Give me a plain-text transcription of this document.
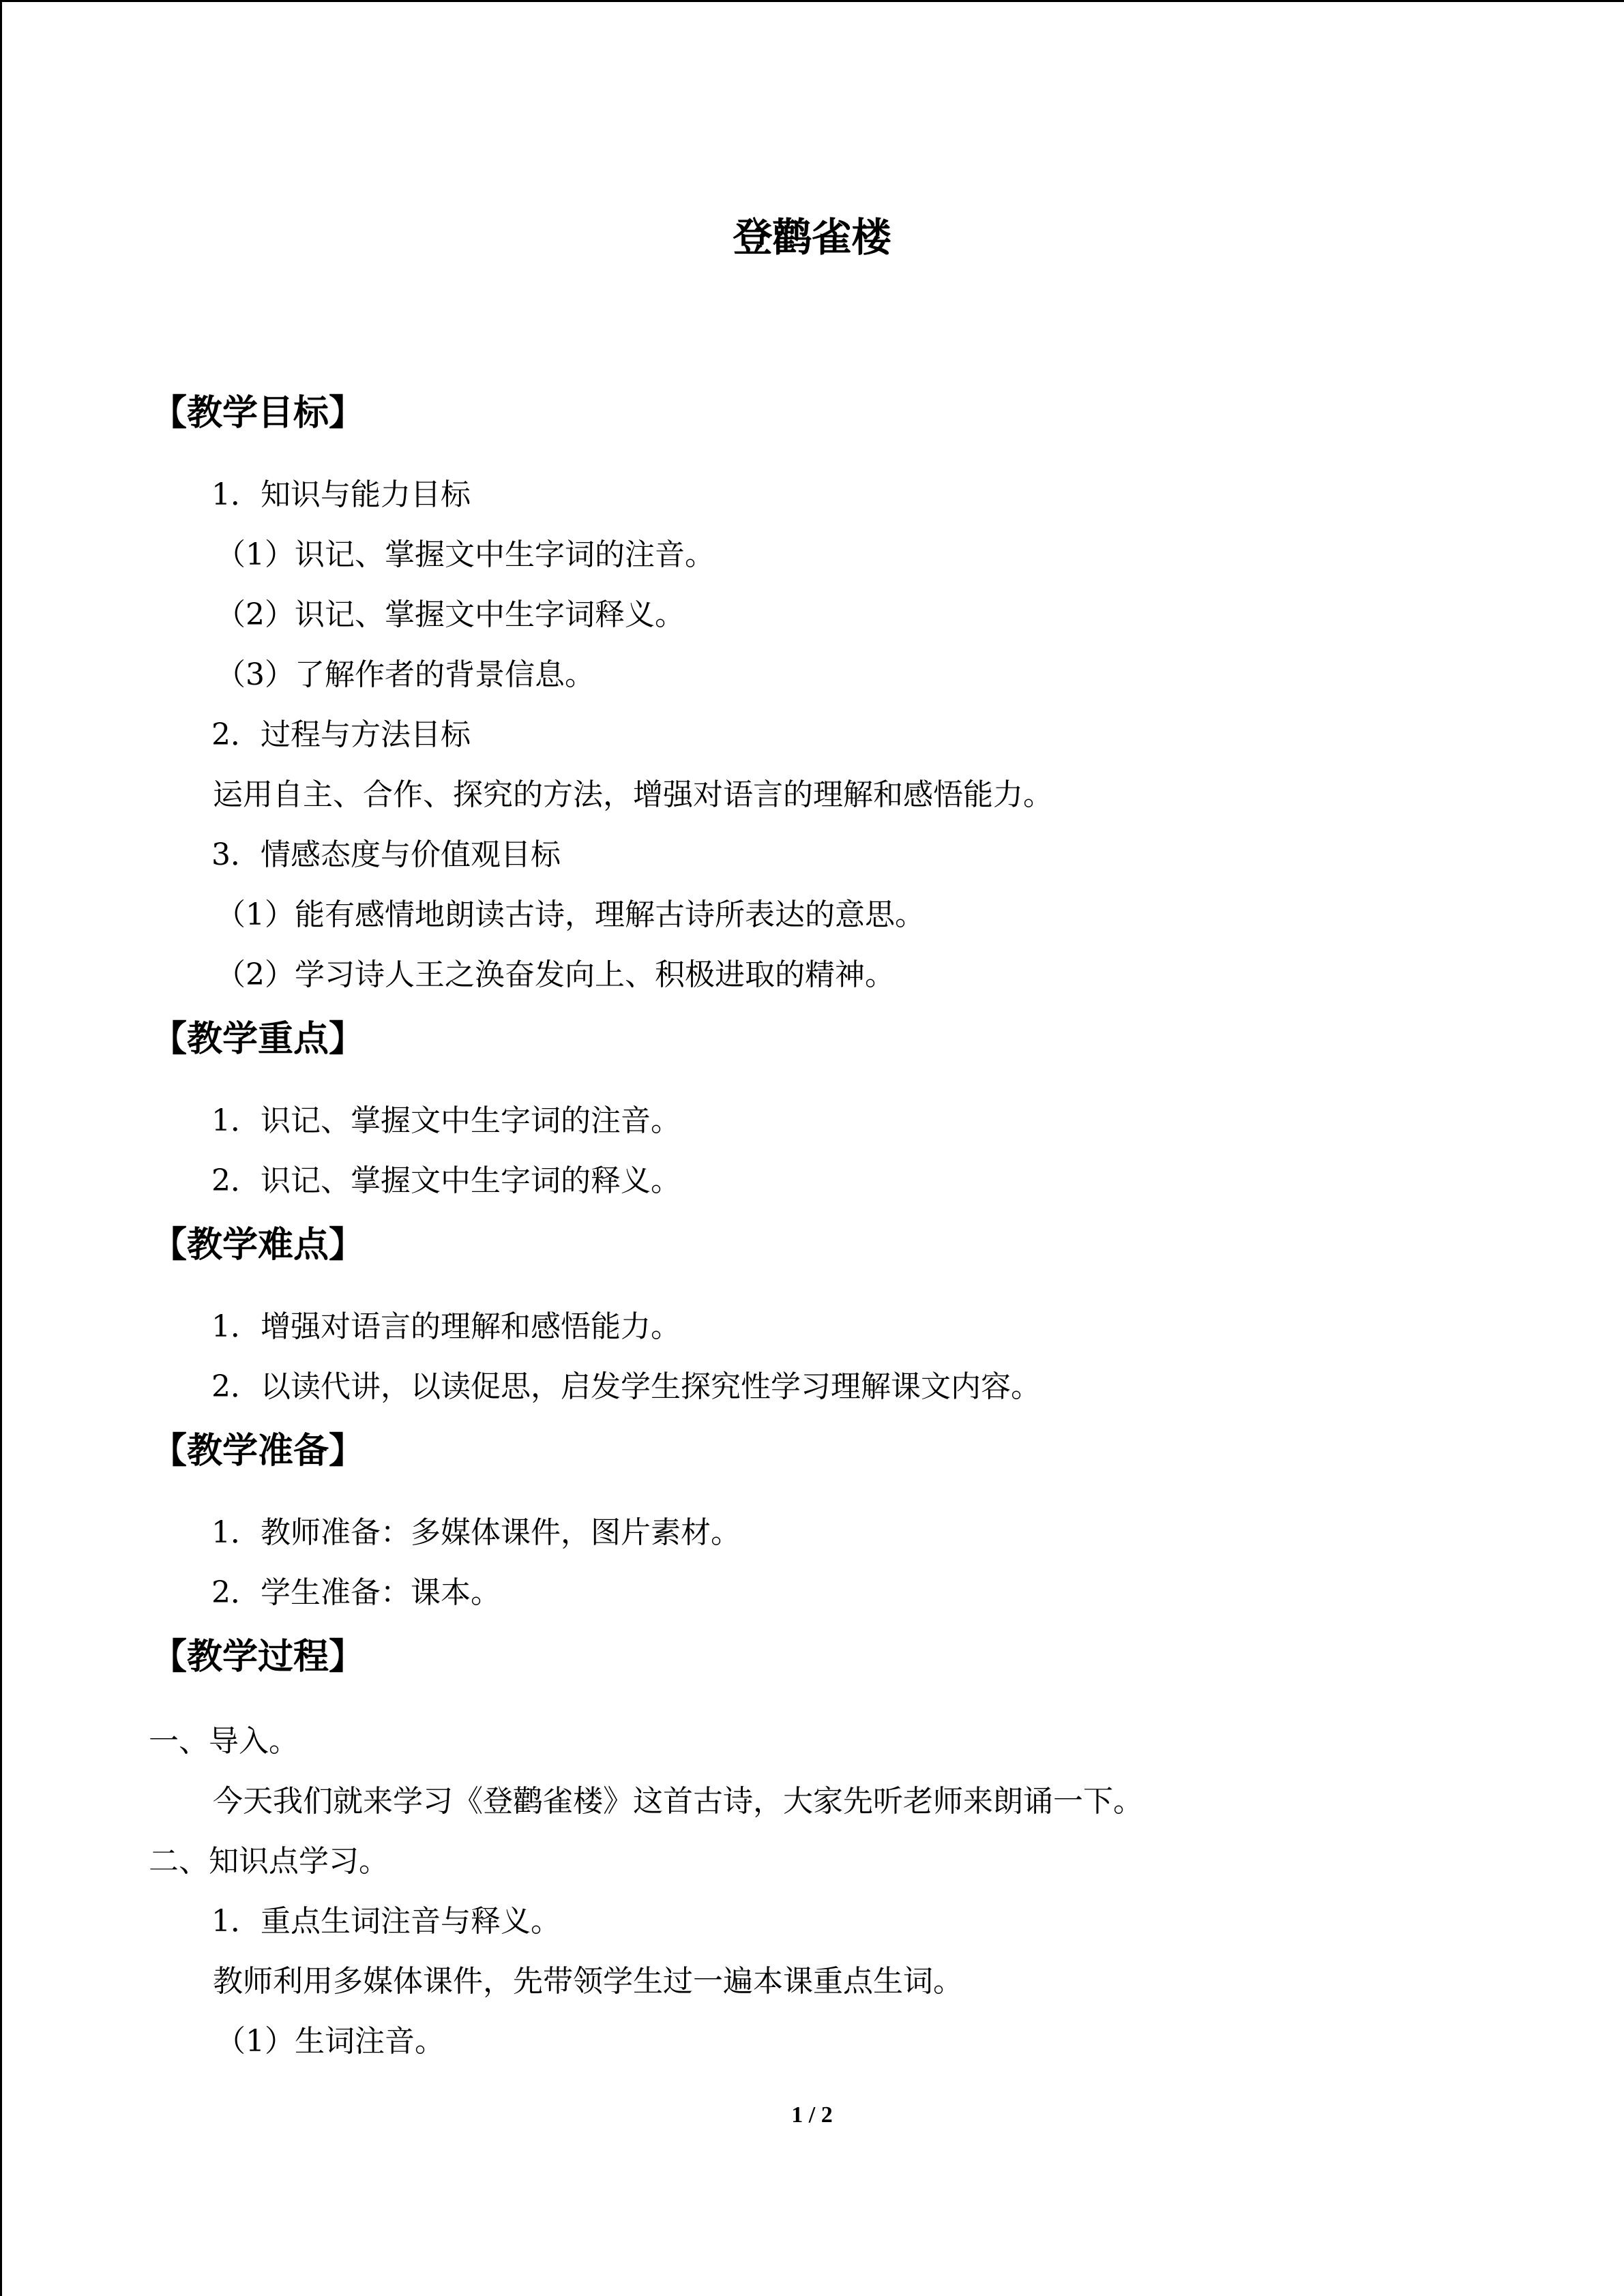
登鹳雀楼
【教学目标】
1．知识与能力目标
（1）识记、掌握文中生字词的注音。
（2）识记、掌握文中生字词释义。
（3）了解作者的背景信息。
2．过程与方法目标
运用自主、合作、探究的方法，增强对语言的理解和感悟能力。
3．情感态度与价值观目标
（1）能有感情地朗读古诗，理解古诗所表达的意思。
（2）学习诗人王之涣奋发向上、积极进取的精神。
【教学重点】
1．识记、掌握文中生字词的注音。
2．识记、掌握文中生字词的释义。
【教学难点】
1．增强对语言的理解和感悟能力。
2．以读代讲，以读促思，启发学生探究性学习理解课文内容。
【教学准备】
1．教师准备：多媒体课件，图片素材。
2．学生准备：课本。
【教学过程】
一、导入。
今天我们就来学习《登鹳雀楼》这首古诗，大家先听老师来朗诵一下。
二、知识点学习。
1．重点生词注音与释义。
教师利用多媒体课件，先带领学生过一遍本课重点生词。
（1）生词注音。
1 / 2
